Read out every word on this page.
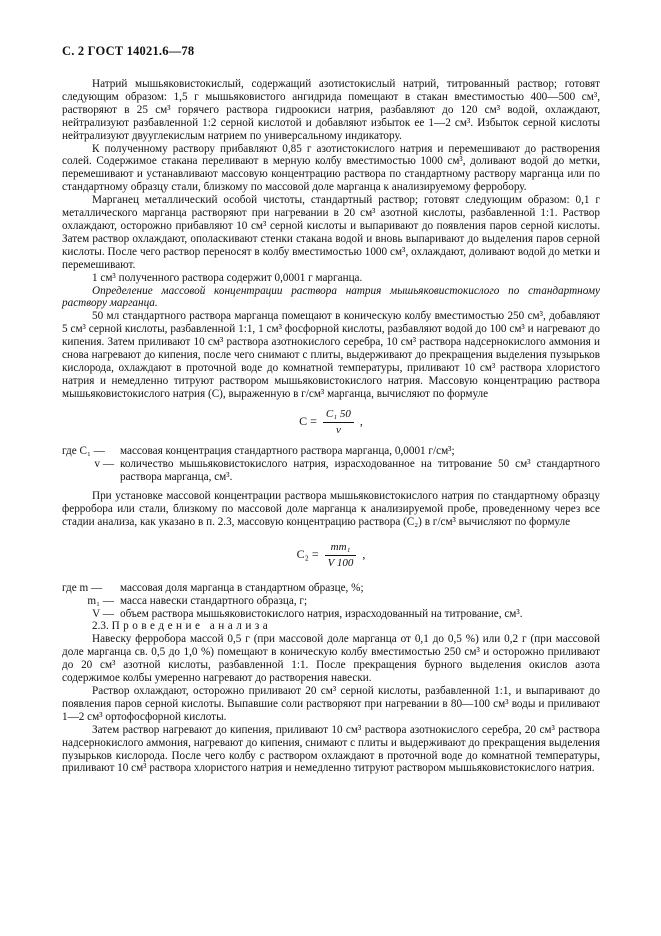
С. 2 ГОСТ 14021.6—78

Натрий мышьяковистокислый, содержащий азотистокислый натрий, титрованный раствор; готовят следующим образом: 1,5 г мышьяковистого ангидрида помещают в стакан вместимостью 400—500 см³, растворяют в 25 см³ горячего раствора гидроокиси натрия, разбавляют до 120 см³ водой, охлаждают, нейтрализуют разбавленной 1:2 серной кислотой и добавляют избыток ее 1—2 см³. Избыток серной кислоты нейтрализуют двууглекислым натрием по универсальному индикатору.

К полученному раствору прибавляют 0,85 г азотистокислого натрия и перемешивают до растворения солей. Содержимое стакана переливают в мерную колбу вместимостью 1000 см³, доливают водой до метки, перемешивают и устанавливают массовую концентрацию раствора по стандартному раствору марганца или по стандартному образцу стали, близкому по массовой доле марганца к анализируемому ферробору.

Марганец металлический особой чистоты, стандартный раствор; готовят следующим образом: 0,1 г металлического марганца растворяют при нагревании в 20 см³ азотной кислоты, разбавленной 1:1. Раствор охлаждают, осторожно прибавляют 10 см³ серной кислоты и выпаривают до появления паров серной кислоты. Затем раствор охлаждают, ополаскивают стенки стакана водой и вновь выпаривают до выделения паров серной кислоты. После чего раствор переносят в колбу вместимостью 1000 см³, охлаждают, доливают водой до метки и перемешивают.

1 см³ полученного раствора содержит 0,0001 г марганца.

Определение массовой концентрации раствора натрия мышьяковистокислого по стандартному раствору марганца.

50 мл стандартного раствора марганца помещают в коническую колбу вместимостью 250 см³, добавляют 5 см³ серной кислоты, разбавленной 1:1, 1 см³ фосфорной кислоты, разбавляют водой до 100 см³ и нагревают до кипения. Затем приливают 10 см³ раствора азотнокислого серебра, 10 см³ раствора надсернокислого аммония и снова нагревают до кипения, после чего снимают с плиты, выдерживают до прекращения выделения пузырьков кислорода, охлаждают в проточной воде до комнатной температуры, приливают 10 см³ раствора хлористого натрия и немедленно титруют раствором мышьяковистокислого натрия. Массовую концентрацию раствора мышьяковистокислого натрия (C), выраженную в г/см³ марганца, вычисляют по формуле

$C = \frac{\text{C₁ 50}}{v}$ ,
где C₁ —	массовая концентрация стандартного раствора марганца, 0,0001 г/см³;
v — количество мышьяковистокислого натрия, израсходованное на титрование 50 см³ стандартного раствора марганца, см³.

При установке массовой концентрации раствора мышьяковистокислого натрия по стандартному образцу ферробора или стали, близкому по массовой доле марганца к анализируемой пробе, проведенному через все стадии анализа, как указано в п. 2.3, массовую концентрацию раствора (C₂) в г/см³ вычисляют по формуле

$C_2 = \frac{\text{mm₁}}{V 100}$ ,
где m —	массовая доля марганца в стандартном образце, %;
m₁ — масса навески стандартного образца, г;
V — объем раствора мышьяковистокислого натрия, израсходованный на титрование, см³.

2.3. Проведение анализа

Навеску ферробора массой 0,5 г (при массовой доле марганца от 0,1 до 0,5 %) или 0,2 г (при массовой доле марганца св. 0,5 до 1,0 %) помещают в коническую колбу вместимостью 250 см³ и осторожно приливают до 20 см³ азотной кислоты, разбавленной 1:1. После прекращения бурного выделения окислов азота содержимое колбы умеренно нагревают до растворения навески.

Раствор охлаждают, осторожно приливают 20 см³ серной кислоты, разбавленной 1:1, и выпаривают до появления паров серной кислоты. Выпавшие соли растворяют при нагревании в 80—100 см³ воды и приливают 1—2 см³ ортофосфорной кислоты.

Затем раствор нагревают до кипения, приливают 10 см³ раствора азотнокислого серебра, 20 см³ раствора надсернокислого аммония, нагревают до кипения, снимают с плиты и выдерживают до прекращения выделения пузырьков кислорода. После чего колбу с раствором охлаждают в проточной воде до комнатной температуры, приливают 10 см³ раствора хлористого натрия и немедленно титруют раствором мышьяковистокислого натрия.
